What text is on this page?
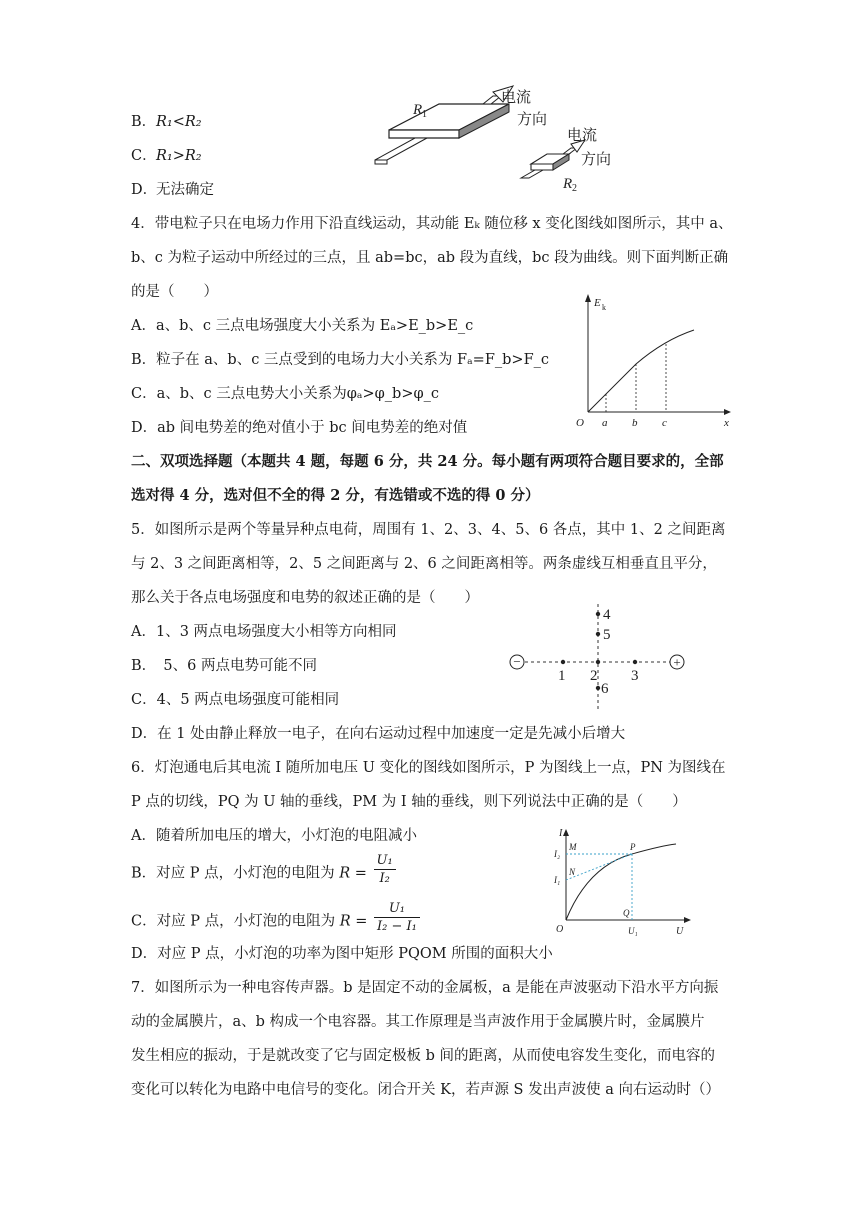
B． R₁<R₂
C． R₁>R₂
D．
无法确定
R 1
电流
方向
电流
方向
R 2
4．带电粒子只在电场力作用下沿直线运动，其动能 Eₖ 随位移 x 变化图线如图所示，其中 a、
b、c 为粒子运动中所经过的三点，且 ab=bc，ab 段为直线，bc 段为曲线。则下面判断正确
的是（　　）
A．a、b、c 三点电场强度大小关系为 Eₐ>E_b>E_c
B．粒子在 a、b、c 三点受到的电场力大小关系为 Fₐ=F_b>F_c
C．a、b、c 三点电势大小关系为φₐ>φ_b>φ_c
D．ab 间电势差的绝对值小于 bc 间电势差的绝对值
E k
x
O a b c
二、双项选择题（本题共 4 题，每题 6 分，共 24 分。每小题有两项符合题目要求的，全部
选对得 4 分，选对但不全的得 2 分，有选错或不选的得 0 分）
5．如图所示是两个等量异种点电荷，周围有 1、2、3、4、5、6 各点，其中 1、2 之间距离
与 2、3 之间距离相等，2、5 之间距离与 2、6 之间距离相等。两条虚线互相垂直且平分，
那么关于各点电场强度和电势的叙述正确的是（　　）
A．1、3 两点电场强度大小相等方向相同
B．　5、6 两点电势可能不同
C．4、5 两点电场强度可能相同
D．在 1 处由静止释放一电子，在向右运动过程中加速度一定是先减小后增大
−	+
1 2 3
4
5
6
6．灯泡通电后其电流 I 随所加电压 U 变化的图线如图所示，P 为图线上一点，PN 为图线在
P 点的切线，PQ 为 U 轴的垂线，PM 为 I 轴的垂线，则下列说法中正确的是（　　）
A．随着所加电压的增大，小灯泡的电阻减小
B．对应 P 点，小灯泡的电阻为 $R = \frac{\text{U₁}}{\text{I₂}}$
C．对应 P 点，小灯泡的电阻为 $R = \frac{\text{U₁}}{\text{I₂ − I₁}}$
D．对应 P 点，小灯泡的功率为图中矩形 PQOM 所围的面积大小
I
U
O
I₂
I₁
U₁
M
N
P
Q
7．如图所示为一种电容传声器。b 是固定不动的金属板，a 是能在声波驱动下沿水平方向振
动的金属膜片，a、b 构成一个电容器。其工作原理是当声波作用于金属膜片时，金属膜片
发生相应的振动，于是就改变了它与固定极板 b 间的距离，从而使电容发生变化，而电容的
变化可以转化为电路中电信号的变化。闭合开关 K，若声源 S 发出声波使 a 向右运动时（）
